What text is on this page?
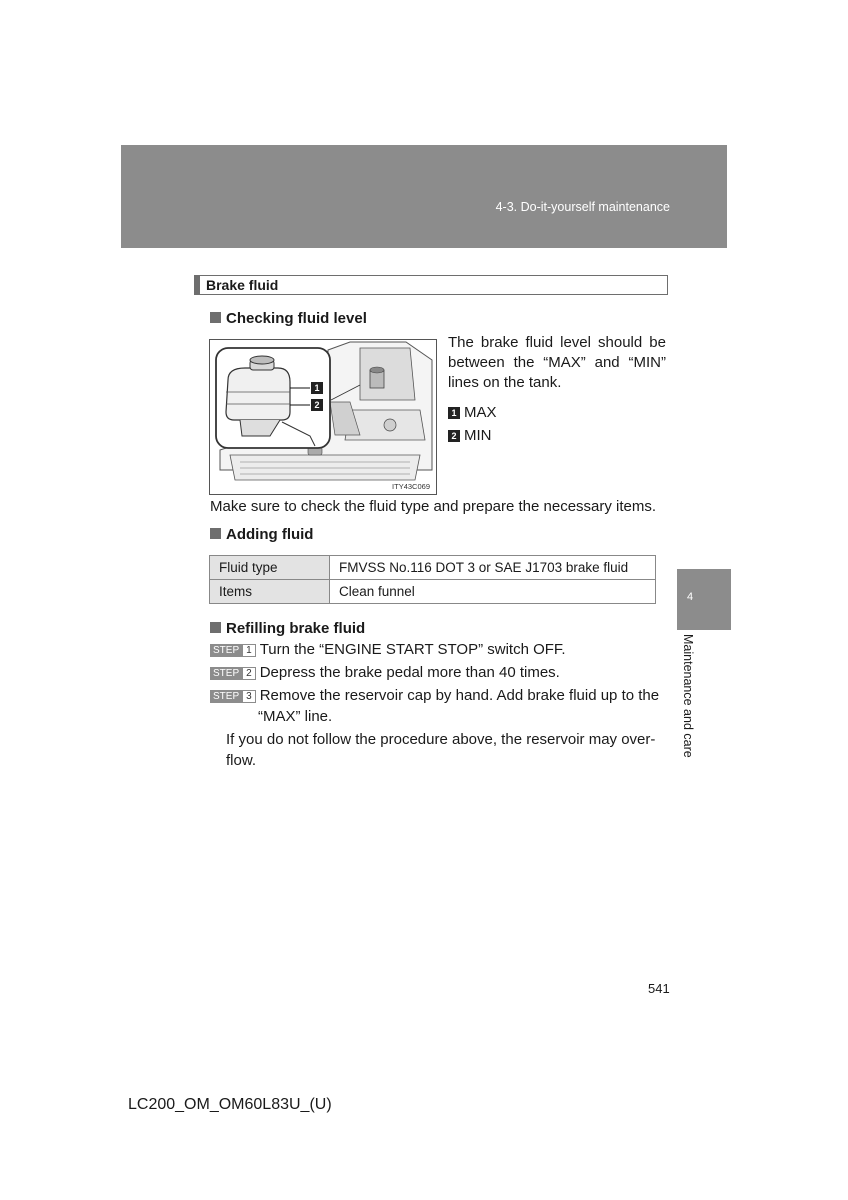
4-3. Do-it-yourself maintenance
4
Maintenance and care
Brake fluid
Checking fluid level
1
2
ITY43C069
The brake fluid level should be between the “MAX” and “MIN” lines on the tank.
1 MAX
2 MIN
Make sure to check the fluid type and prepare the necessary items.
Adding fluid
Fluid type	FMVSS No.116 DOT 3 or SAE J1703 brake fluid
Items	Clean funnel
Refilling brake fluid
STEP 1 Turn the “ENGINE START STOP” switch OFF.
STEP 2 Depress the brake pedal more than 40 times.
STEP 3 Remove the reservoir cap by hand. Add brake fluid up to the
“MAX” line.
If you do not follow the procedure above, the reservoir may over-
flow.
541
LC200_OM_OM60L83U_(U)
